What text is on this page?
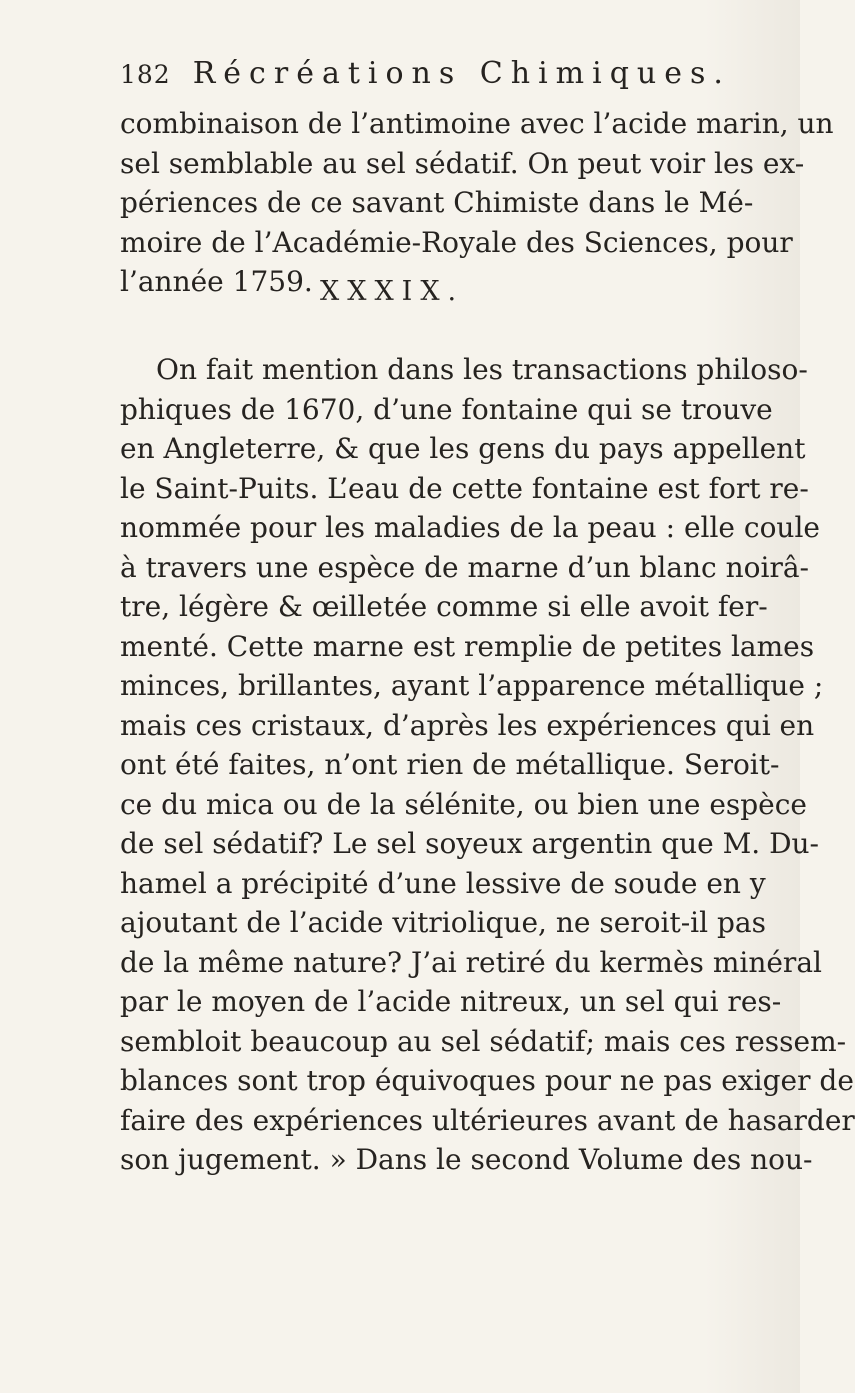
182 Récréations Chimiques.
combinaison de l’antimoine avec l’acide marin, un
sel semblable au sel sédatif. On peut voir les ex-
périences de ce savant Chimiste dans le Mé-
moire de l’Académie-Royale des Sciences, pour
l’année 1759. XXXIX.
On fait mention dans les transactions philoso-
phiques de 1670, d’une fontaine qui se trouve
en Angleterre, & que les gens du pays appellent
le Saint-Puits. L’eau de cette fontaine est fort re-
nommée pour les maladies de la peau : elle coule
à travers une espèce de marne d’un blanc noirâ-
tre, légère & œilletée comme si elle avoit fer-
menté. Cette marne est remplie de petites lames
minces, brillantes, ayant l’apparence métallique ;
mais ces cristaux, d’après les expériences qui en
ont été faites, n’ont rien de métallique. Seroit-
ce du mica ou de la sélénite, ou bien une espèce
de sel sédatif? Le sel soyeux argentin que M. Du-
hamel a précipité d’une lessive de soude en y
ajoutant de l’acide vitriolique, ne seroit-il pas
de la même nature? J’ai retiré du kermès minéral
par le moyen de l’acide nitreux, un sel qui res-
sembloit beaucoup au sel sédatif; mais ces ressem-
blances sont trop équivoques pour ne pas exiger de
faire des expériences ultérieures avant de hasarder
son jugement. » Dans le second Volume des nou-
